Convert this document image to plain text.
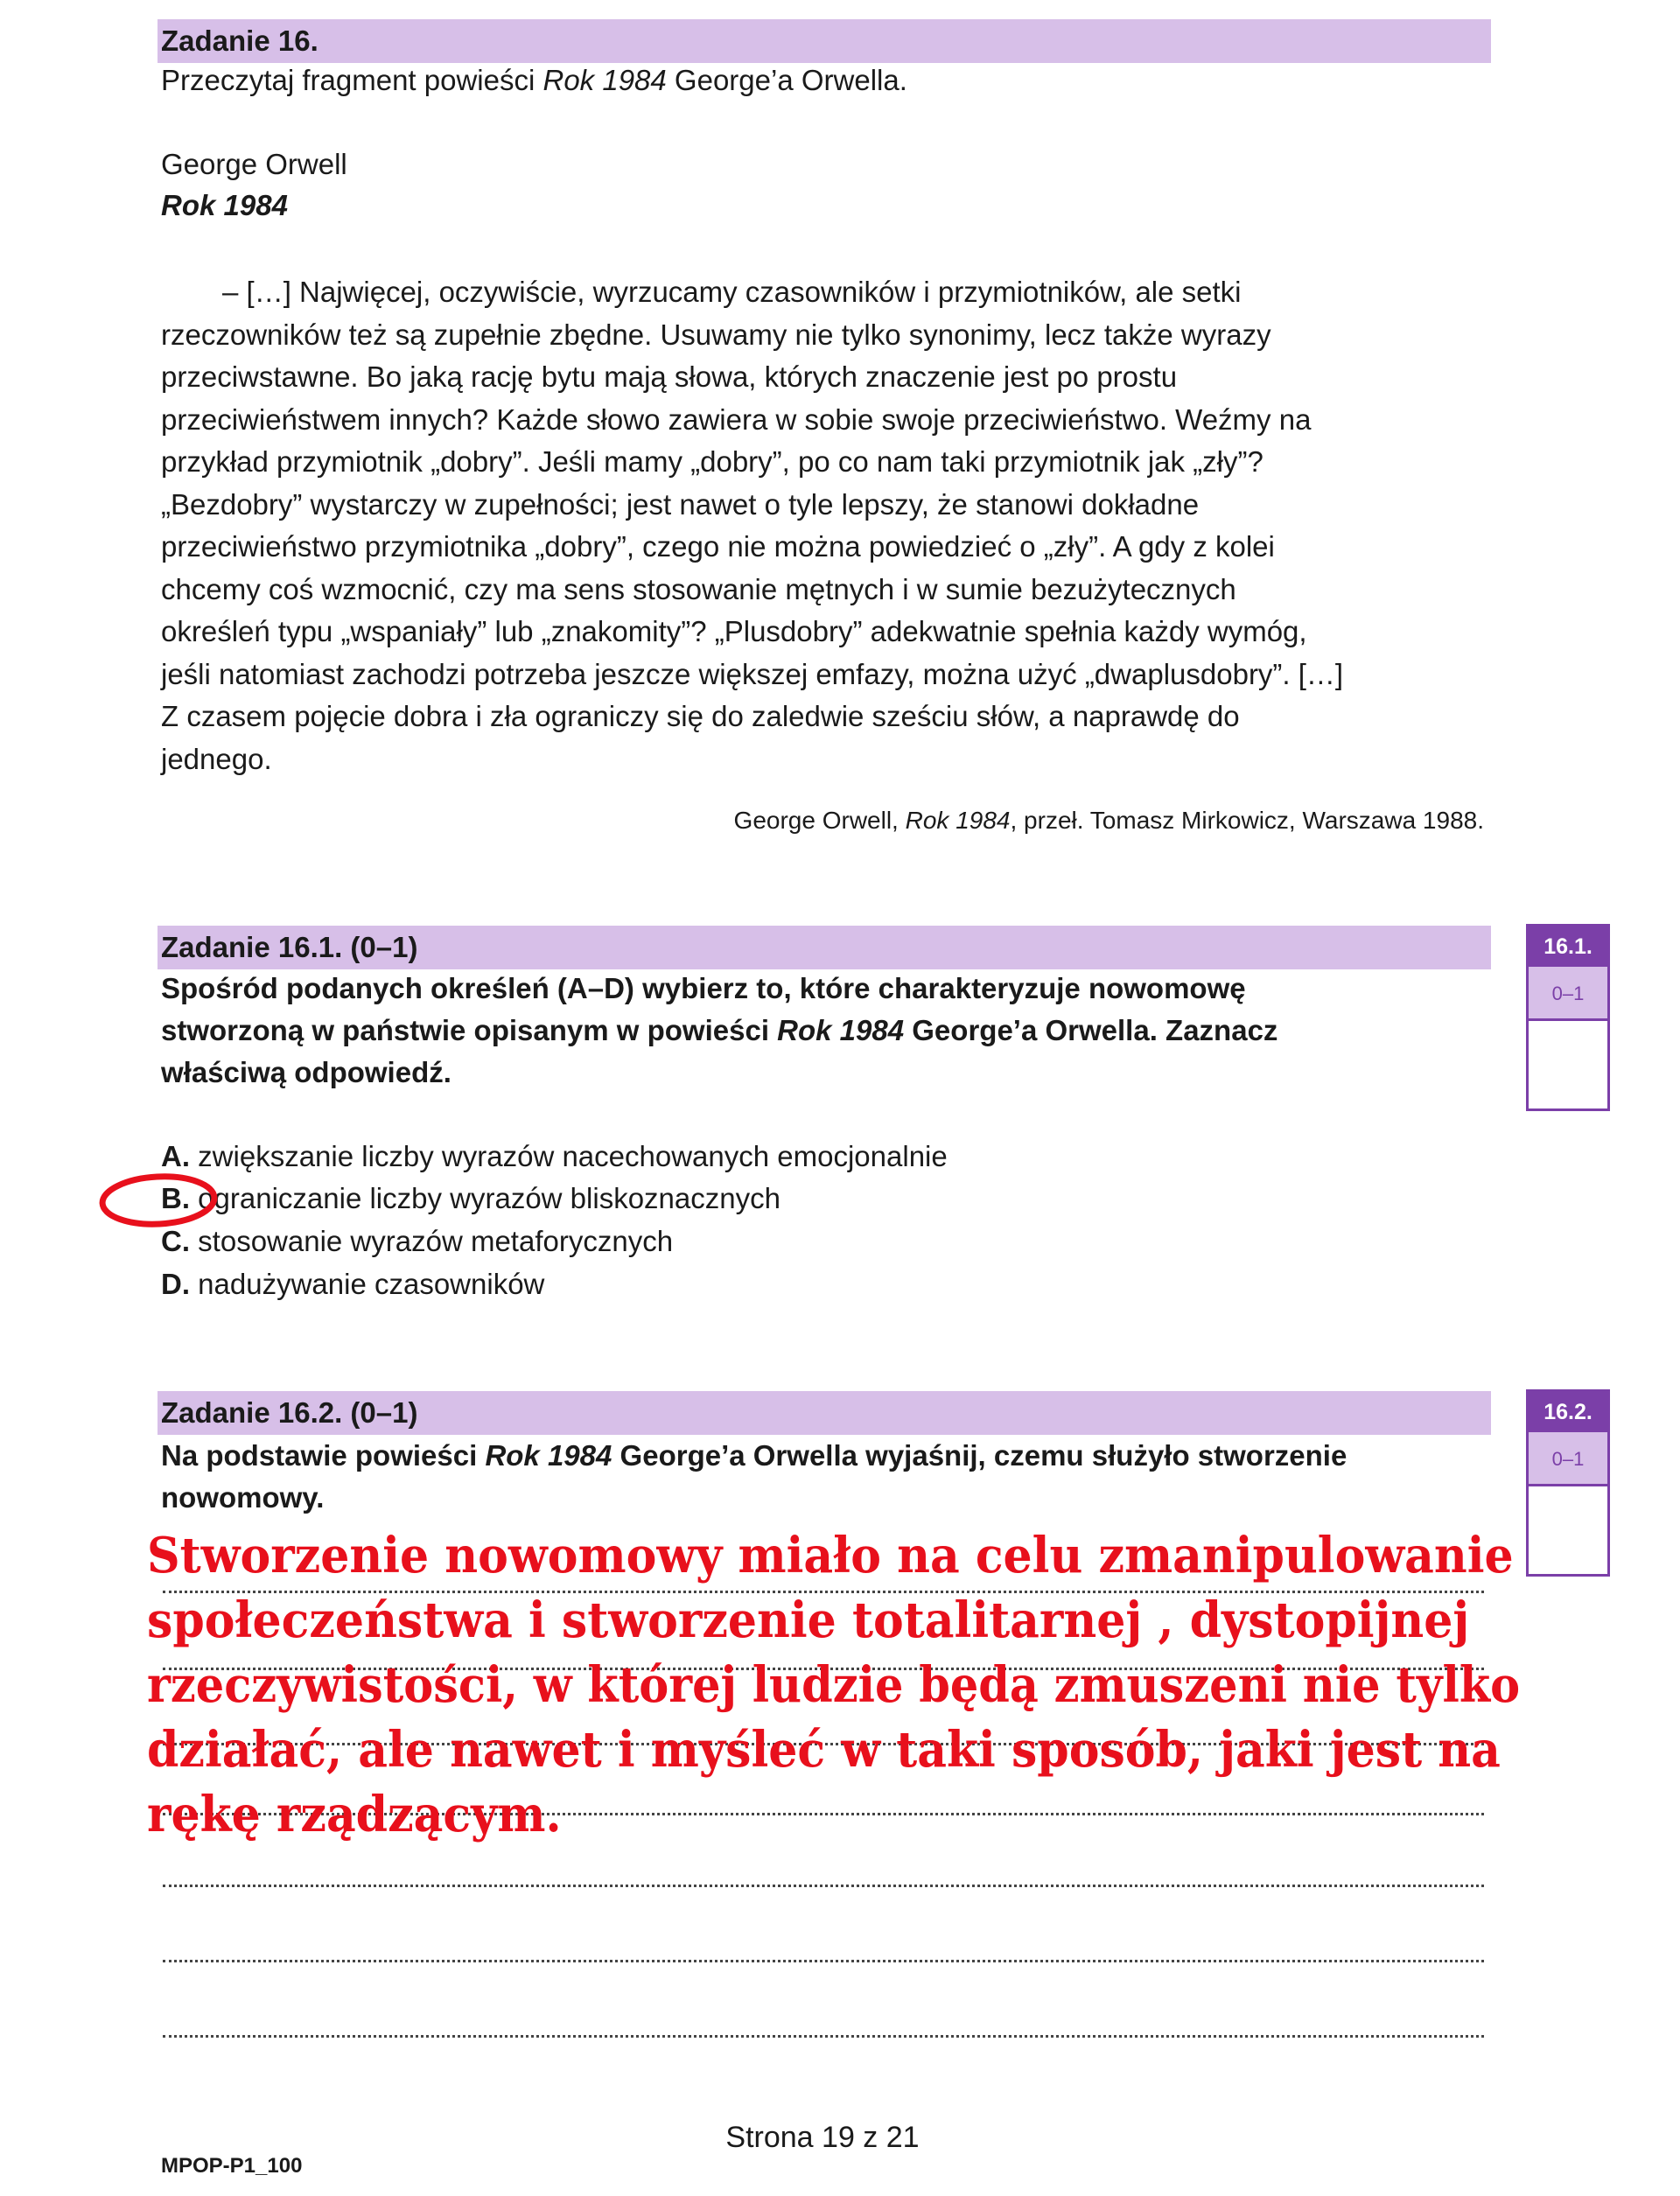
Zadanie 16.
Przeczytaj fragment powieści Rok 1984 George’a Orwella.
George Orwell
Rok 1984
– […] Najwięcej, oczywiście, wyrzucamy czasowników i przymiotników, ale setki
rzeczowników też są zupełnie zbędne. Usuwamy nie tylko synonimy, lecz także wyrazy
przeciwstawne. Bo jaką rację bytu mają słowa, których znaczenie jest po prostu
przeciwieństwem innych? Każde słowo zawiera w sobie swoje przeciwieństwo. Weźmy na
przykład przymiotnik „dobry”. Jeśli mamy „dobry”, po co nam taki przymiotnik jak „zły”?
„Bezdobry” wystarczy w zupełności; jest nawet o tyle lepszy, że stanowi dokładne
przeciwieństwo przymiotnika „dobry”, czego nie można powiedzieć o „zły”. A gdy z kolei
chcemy coś wzmocnić, czy ma sens stosowanie mętnych i w sumie bezużytecznych
określeń typu „wspaniały” lub „znakomity”? „Plusdobry” adekwatnie spełnia każdy wymóg,
jeśli natomiast zachodzi potrzeba jeszcze większej emfazy, można użyć „dwaplusdobry”. […]
Z czasem pojęcie dobra i zła ograniczy się do zaledwie sześciu słów, a naprawdę do
jednego.
George Orwell, Rok 1984, przeł. Tomasz Mirkowicz, Warszawa 1988.
Zadanie 16.1. (0–1)	16.1.
0–1
Spośród podanych określeń (A–D) wybierz to, które charakteryzuje nowomowę
stworzoną w państwie opisanym w powieści Rok 1984 George’a Orwella. Zaznacz
właściwą odpowiedź.
A. zwiększanie liczby wyrazów nacechowanych emocjonalnie
B. ograniczanie liczby wyrazów bliskoznacznych
C. stosowanie wyrazów metaforycznych
D. nadużywanie czasowników
Zadanie 16.2. (0–1)	16.2.
0–1
Na podstawie powieści Rok 1984 George’a Orwella wyjaśnij, czemu służyło stworzenie
nowomowy.
Stworzenie nowomowy miało na celu zmanipulowanie
społeczeństwa i stworzenie totalitarnej , dystopijnej
rzeczywistości, w której ludzie będą zmuszeni nie tylko
działać, ale nawet i myśleć w taki sposób, jaki jest na
rękę rządzącym.
Strona 19 z 21
MPOP-P1_100
